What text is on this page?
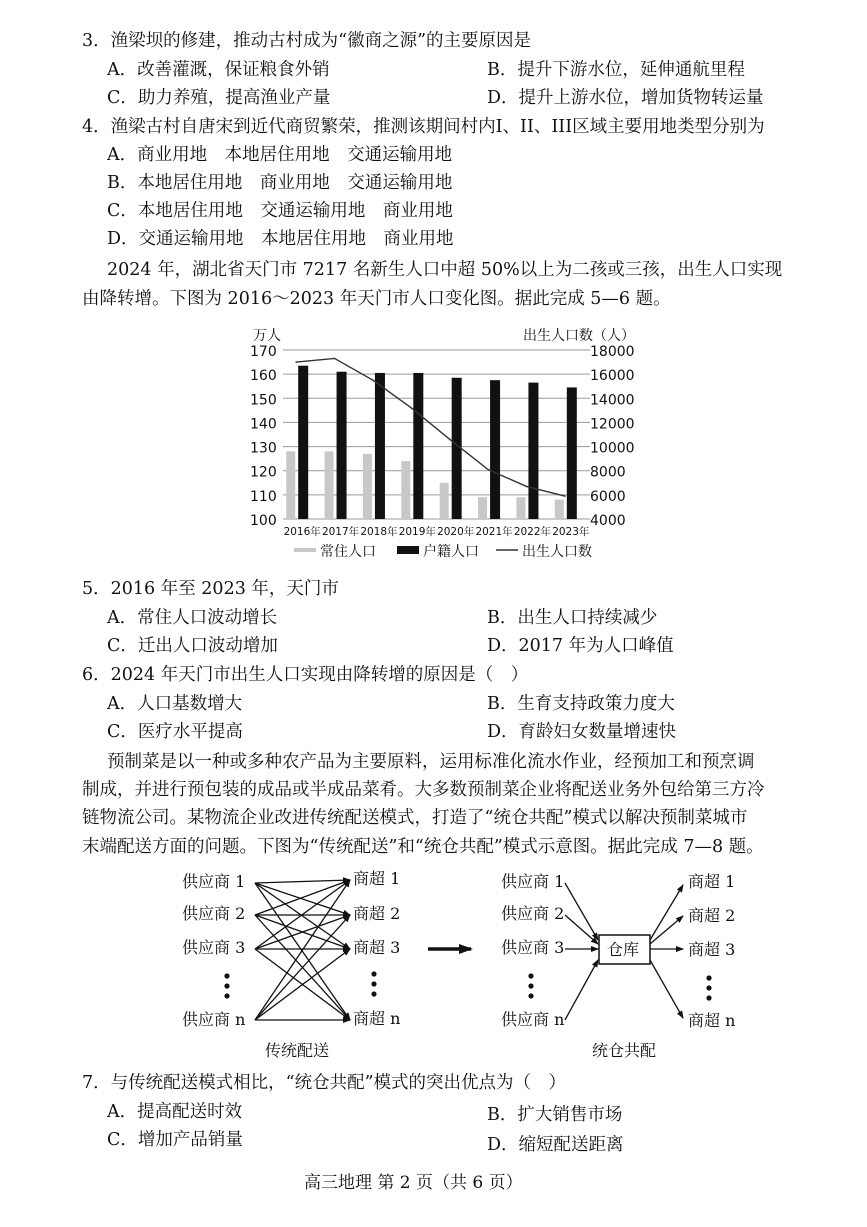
3．渔梁坝的修建，推动古村成为“徽商之源”的主要原因是
A．改善灌溉，保证粮食外销	B．提升下游水位，延伸通航里程
C．助力养殖，提高渔业产量	D．提升上游水位，增加货物转运量
4．渔梁古村自唐宋到近代商贸繁荣，推测该期间村内I、II、III区域主要用地类型分别为
A．商业用地　本地居住用地　交通运输用地
B．本地居住用地　商业用地　交通运输用地
C．本地居住用地　交通运输用地　商业用地
D．交通运输用地　本地居住用地　商业用地
2024 年，湖北省天门市 7217 名新生人口中超 50%以上为二孩或三孩，出生人口实现
由降转增。下图为 2016～2023 年天门市人口变化图。据此完成 5—6 题。
100
110
120
130
140
150
160
170
4000
6000
8000
10000
12000
14000
16000
18000
万人	出生人口数（人）
2016年 2017年 2018年 2019年 2020年 2021年 2022年 2023年
常住人口	户籍人口	出生人口数
5．2016 年至 2023 年，天门市
A．常住人口波动增长	B．出生人口持续减少
C．迁出人口波动增加	D．2017 年为人口峰值
6．2024 年天门市出生人口实现由降转增的原因是（　）
A．人口基数增大	B．生育支持政策力度大
C．医疗水平提高	D．育龄妇女数量增速快
预制菜是以一种或多种农产品为主要原料，运用标准化流水作业，经预加工和预烹调
制成，并进行预包装的成品或半成品菜肴。大多数预制菜企业将配送业务外包给第三方冷
链物流公司。某物流企业改进传统配送模式，打造了“统仓共配”模式以解决预制菜城市
末端配送方面的问题。下图为“传统配送”和“统仓共配”模式示意图。据此完成 7—8 题。
供应商 1
供应商 2
供应商 3
供应商 n
商超 1
商超 2
商超 3
商超 n
传统配送
供应商 1
供应商 2
供应商 3
供应商 n
仓库
商超 1
商超 2
商超 3
商超 n
统仓共配
7．与传统配送模式相比，“统仓共配”模式的突出优点为（　）
A．提高配送时效	B．扩大销售市场
C．增加产品销量	D．缩短配送距离
高三地理 第 2 页（共 6 页）
